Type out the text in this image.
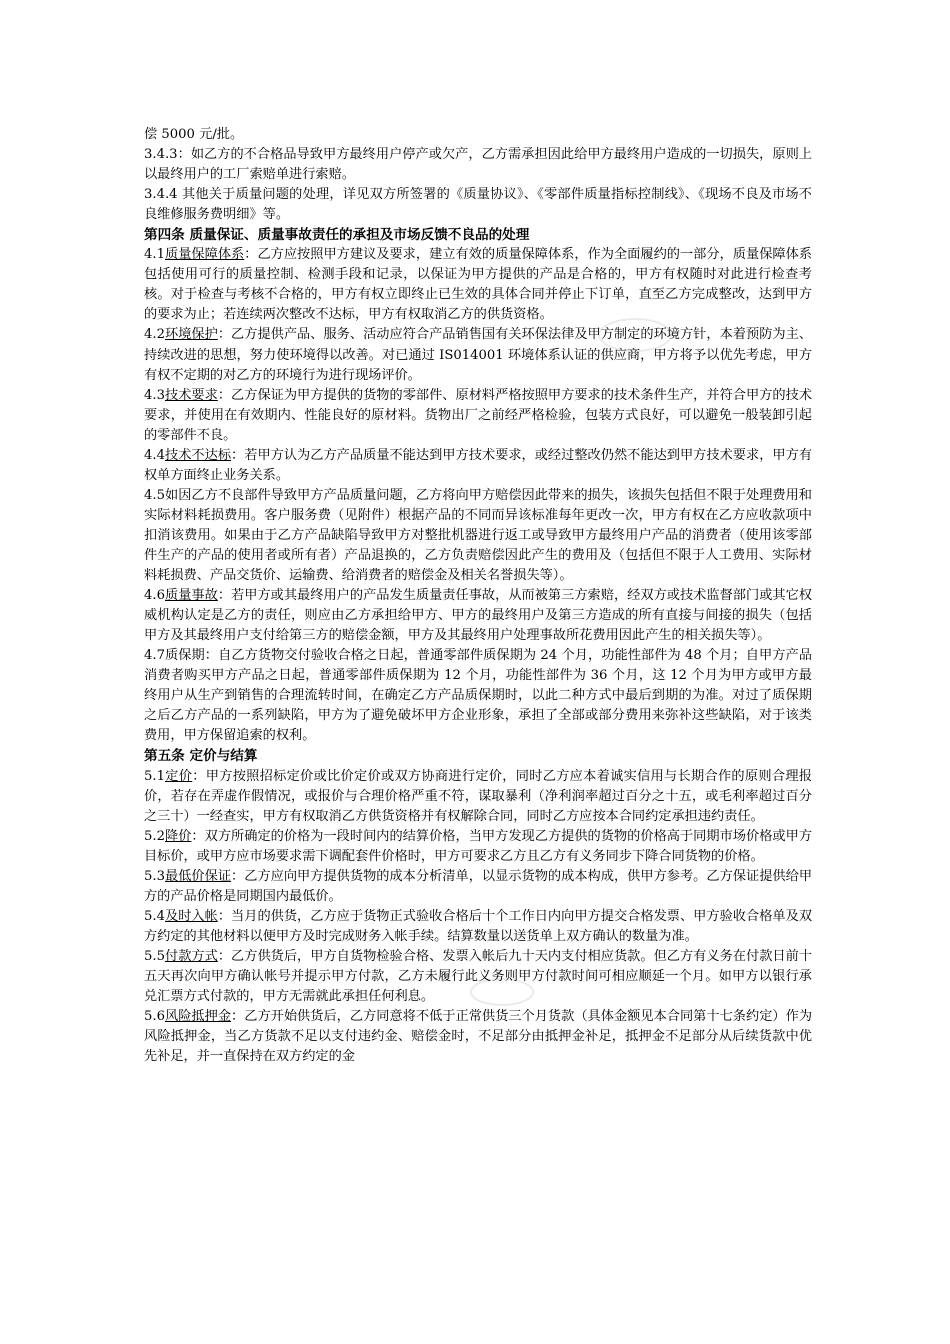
偿 5000 元/批。

3.4.3：如乙方的不合格品导致甲方最终用户停产或欠产，乙方需承担因此给甲方最终用户造成的一切损失，原则上以最终用户的工厂索赔单进行索赔。

3.4.4 其他关于质量问题的处理，详见双方所签署的《质量协议》、《零部件质量指标控制线》、《现场不良及市场不良维修服务费明细》等。

第四条 质量保证、质量事故责任的承担及市场反馈不良品的处理

4.1质量保障体系：乙方应按照甲方建议及要求，建立有效的质量保障体系，作为全面履约的一部分，质量保障体系包括使用可行的质量控制、检测手段和记录，以保证为甲方提供的产品是合格的，甲方有权随时对此进行检查考核。对于检查与考核不合格的，甲方有权立即终止已生效的具体合同并停止下订单，直至乙方完成整改，达到甲方的要求为止；若连续两次整改不达标，甲方有权取消乙方的供货资格。

4.2环境保护：乙方提供产品、服务、活动应符合产品销售国有关环保法律及甲方制定的环境方针，本着预防为主、持续改进的思想，努力使环境得以改善。对已通过 IS014001 环境体系认证的供应商，甲方将予以优先考虑，甲方有权不定期的对乙方的环境行为进行现场评价。

4.3技术要求：乙方保证为甲方提供的货物的零部件、原材料严格按照甲方要求的技术条件生产，并符合甲方的技术要求，并使用在有效期内、性能良好的原材料。货物出厂之前经严格检验，包装方式良好，可以避免一般装卸引起的零部件不良。

4.4技术不达标：若甲方认为乙方产品质量不能达到甲方技术要求，或经过整改仍然不能达到甲方技术要求，甲方有权单方面终止业务关系。

4.5如因乙方不良部件导致甲方产品质量问题，乙方将向甲方赔偿因此带来的损失，该损失包括但不限于处理费用和实际材料耗损费用。客户服务费（见附件）根据产品的不同而异该标准每年更改一次，甲方有权在乙方应收款项中扣消该费用。如果由于乙方产品缺陷导致甲方对整批机器进行返工或导致甲方最终用户产品的消费者（使用该零部件生产的产品的使用者或所有者）产品退换的，乙方负责赔偿因此产生的费用及（包括但不限于人工费用、实际材料耗损费、产品交货价、运输费、给消费者的赔偿金及相关名誉损失等）。

4.6质量事故：若甲方或其最终用户的产品发生质量责任事故，从而被第三方索赔，经双方或技术监督部门或其它权威机构认定是乙方的责任，则应由乙方承担给甲方、甲方的最终用户及第三方造成的所有直接与间接的损失（包括甲方及其最终用户支付给第三方的赔偿金额，甲方及其最终用户处理事故所花费用因此产生的相关损失等）。

4.7质保期：自乙方货物交付验收合格之日起，普通零部件质保期为 24 个月，功能性部件为 48 个月；自甲方产品消费者购买甲方产品之日起，普通零部件质保期为 12 个月，功能性部件为 36 个月，这 12 个月为甲方或甲方最终用户从生产到销售的合理流转时间，在确定乙方产品质保期时，以此二种方式中最后到期的为准。对过了质保期之后乙方产品的一系列缺陷，甲方为了避免破坏甲方企业形象，承担了全部或部分费用来弥补这些缺陷，对于该类费用，甲方保留追索的权利。

第五条 定价与结算

5.1定价：甲方按照招标定价或比价定价或双方协商进行定价，同时乙方应本着诚实信用与长期合作的原则合理报价，若存在弄虚作假情况，或报价与合理价格严重不符，谋取暴利（净利润率超过百分之十五，或毛利率超过百分之三十）一经查实，甲方有权取消乙方供货资格并有权解除合同，同时乙方应按本合同约定承担违约责任。

5.2降价：双方所确定的价格为一段时间内的结算价格，当甲方发现乙方提供的货物的价格高于同期市场价格或甲方目标价，或甲方应市场要求需下调配套件价格时，甲方可要求乙方且乙方有义务同步下降合同货物的价格。

5.3最低价保证：乙方应向甲方提供货物的成本分析清单，以显示货物的成本构成，供甲方参考。乙方保证提供给甲方的产品价格是同期国内最低价。

5.4及时入帐：当月的供货，乙方应于货物正式验收合格后十个工作日内向甲方提交合格发票、甲方验收合格单及双方约定的其他材料以便甲方及时完成财务入帐手续。结算数量以送货单上双方确认的数量为准。

5.5付款方式：乙方供货后，甲方自货物检验合格、发票入帐后九十天内支付相应货款。但乙方有义务在付款日前十五天再次向甲方确认帐号并提示甲方付款，乙方未履行此义务则甲方付款时间可相应顺延一个月。如甲方以银行承兑汇票方式付款的，甲方无需就此承担任何利息。

5.6风险抵押金：乙方开始供货后，乙方同意将不低于正常供货三个月货款（具体金额见本合同第十七条约定）作为风险抵押金，当乙方货款不足以支付违约金、赔偿金时，不足部分由抵押金补足，抵押金不足部分从后续货款中优先补足，并一直保持在双方约定的金
